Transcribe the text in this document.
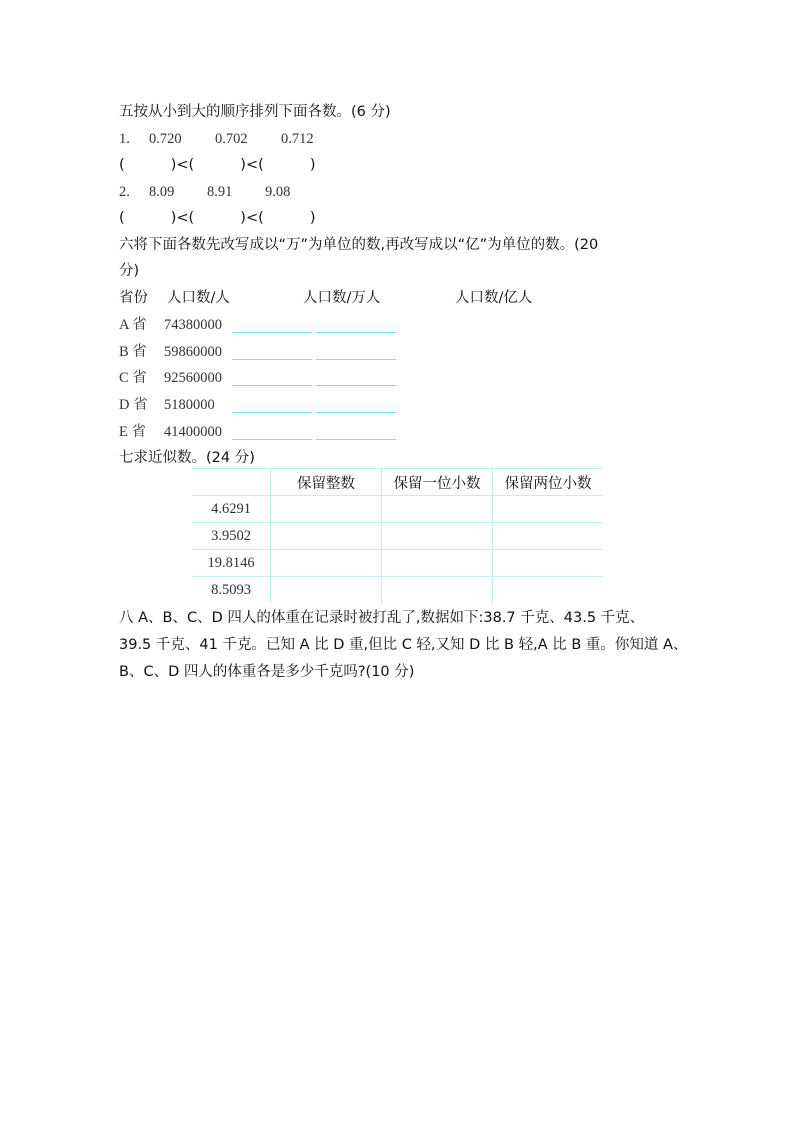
五按从小到大的顺序排列下面各数。(6 分)
1. 0.720 0.702 0.712
(          )<(          )<(          )
2. 8.09 8.91 9.08
(          )<(          )<(          )
六将下面各数先改写成以“万”为单位的数,再改写成以“亿”为单位的数。(20
分)
省份 人口数/人	人口数/万人	人口数/亿人
A 省 74380000
B 省 59860000
C 省 92560000
D 省 5180000
E 省 41400000
七求近似数。(24 分)
	保留整数	保留一位小数	保留两位小数
4.6291			
3.9502			
19.8146			
8.5093			
八 A、B、C、D 四人的体重在记录时被打乱了,数据如下:38.7 千克、43.5 千克、
39.5 千克、41 千克。已知 A 比 D 重,但比 C 轻,又知 D 比 B 轻,A 比 B 重。你知道 A、
B、C、D 四人的体重各是多少千克吗?(10 分)
